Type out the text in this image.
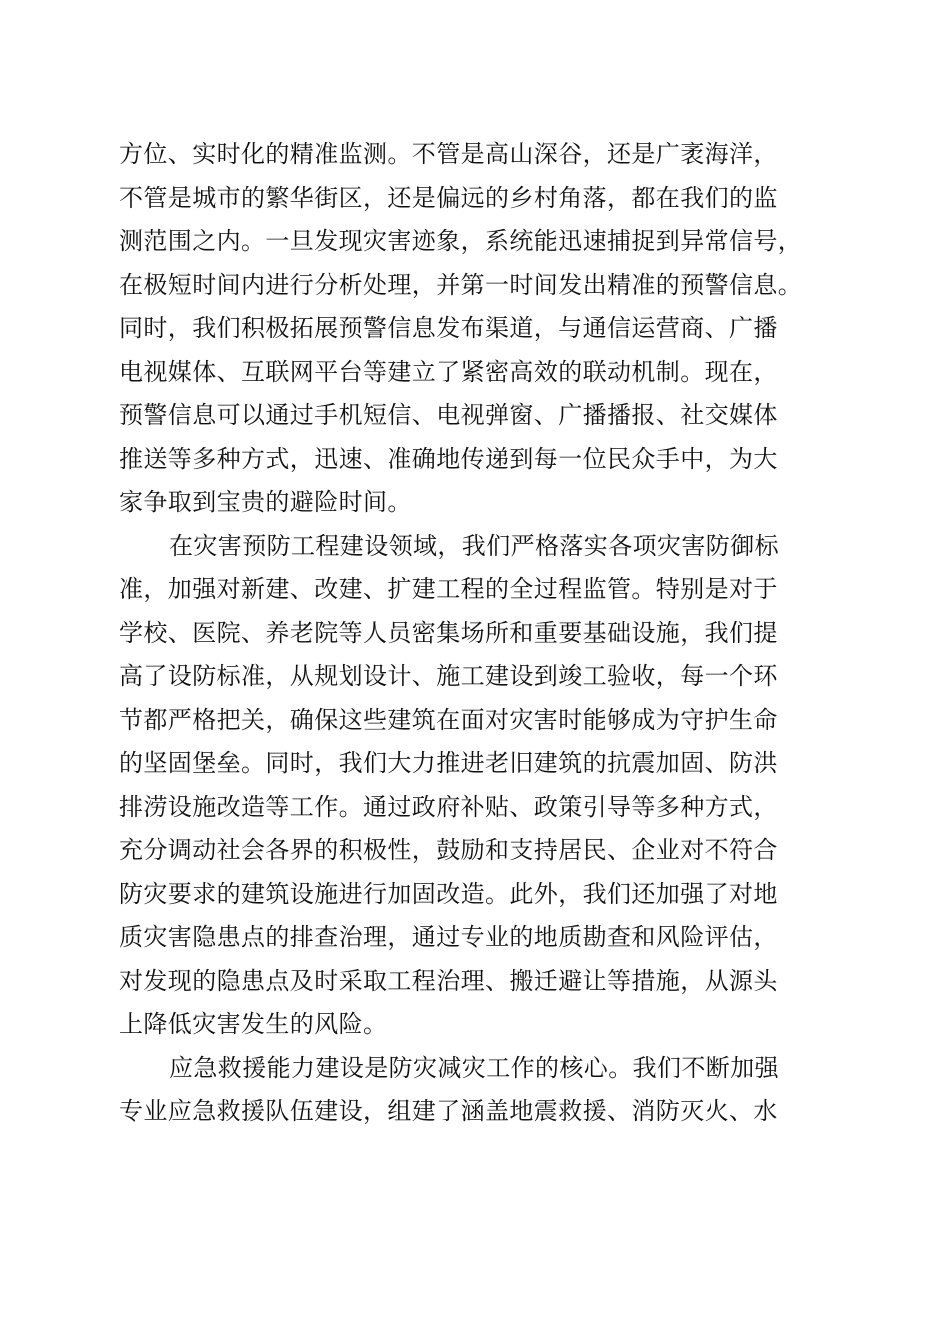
方位、实时化的精准监测。不管是高山深谷，还是广袤海洋，
不管是城市的繁华街区，还是偏远的乡村角落，都在我们的监
测范围之内。一旦发现灾害迹象，系统能迅速捕捉到异常信号，
在极短时间内进行分析处理，并第一时间发出精准的预警信息。
同时，我们积极拓展预警信息发布渠道，与通信运营商、广播
电视媒体、互联网平台等建立了紧密高效的联动机制。现在，
预警信息可以通过手机短信、电视弹窗、广播播报、社交媒体
推送等多种方式，迅速、准确地传递到每一位民众手中，为大
家争取到宝贵的避险时间。
在灾害预防工程建设领域，我们严格落实各项灾害防御标
准，加强对新建、改建、扩建工程的全过程监管。特别是对于
学校、医院、养老院等人员密集场所和重要基础设施，我们提
高了设防标准，从规划设计、施工建设到竣工验收，每一个环
节都严格把关，确保这些建筑在面对灾害时能够成为守护生命
的坚固堡垒。同时，我们大力推进老旧建筑的抗震加固、防洪
排涝设施改造等工作。通过政府补贴、政策引导等多种方式，
充分调动社会各界的积极性，鼓励和支持居民、企业对不符合
防灾要求的建筑设施进行加固改造。此外，我们还加强了对地
质灾害隐患点的排查治理，通过专业的地质勘查和风险评估，
对发现的隐患点及时采取工程治理、搬迁避让等措施，从源头
上降低灾害发生的风险。
应急救援能力建设是防灾减灾工作的核心。我们不断加强
专业应急救援队伍建设，组建了涵盖地震救援、消防灭火、水
